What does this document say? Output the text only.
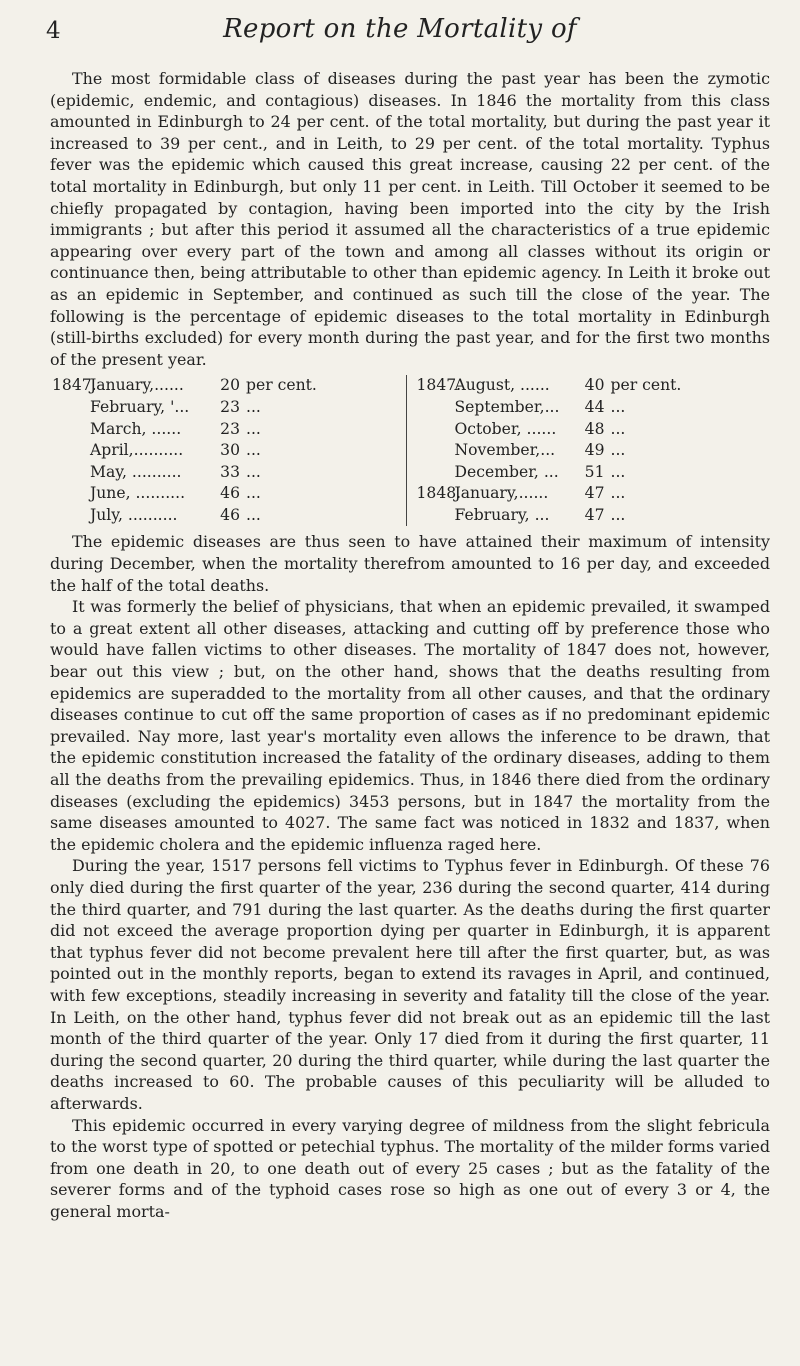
4	Report on the Mortality of

The most formidable class of diseases during the past year has been the zymotic (epidemic, endemic, and contagious) diseases. In 1846 the mortality from this class amounted in Edinburgh to 24 per cent. of the total mortality, but during the past year it increased to 39 per cent., and in Leith, to 29 per cent. of the total mortality. Typhus fever was the epidemic which caused this great increase, causing 22 per cent. of the total mortality in Edinburgh, but only 11 per cent. in Leith. Till October it seemed to be chiefly propagated by contagion, having been imported into the city by the Irish immigrants ; but after this period it assumed all the characteristics of a true epidemic appearing over every part of the town and among all classes without its origin or continuance then, being attributable to other than epidemic agency. In Leith it broke out as an epidemic in September, and continued as such till the close of the year. The following is the percentage of epidemic diseases to the total mortality in Edinburgh (still-births excluded) for every month during the past year, and for the first two months of the present year.

1847.
January,......	20 per cent.
February, '...	23 ...
March, ......	23 ...
April,..........	30 ...
May, ..........	33 ...
June, ..........	46 ...
July, ..........	46 ...
1847.
August, ......	40 per cent.
September,...	44 ...
October, ......	48 ...
November,...	49 ...
December, ...	51 ...
1848.
January,......	47 ...
February, ...	47 ...

The epidemic diseases are thus seen to have attained their maximum of intensity during December, when the mortality therefrom amounted to 16 per day, and exceeded the half of the total deaths.

It was formerly the belief of physicians, that when an epidemic prevailed, it swamped to a great extent all other diseases, attacking and cutting off by preference those who would have fallen victims to other diseases. The mortality of 1847 does not, however, bear out this view ; but, on the other hand, shows that the deaths resulting from epidemics are superadded to the mortality from all other causes, and that the ordinary diseases continue to cut off the same proportion of cases as if no predominant epidemic prevailed. Nay more, last year's mortality even allows the inference to be drawn, that the epidemic constitution increased the fatality of the ordinary diseases, adding to them all the deaths from the prevailing epidemics. Thus, in 1846 there died from the ordinary diseases (excluding the epidemics) 3453 persons, but in 1847 the mortality from the same diseases amounted to 4027. The same fact was noticed in 1832 and 1837, when the epidemic cholera and the epidemic influenza raged here.

During the year, 1517 persons fell victims to Typhus fever in Edinburgh. Of these 76 only died during the first quarter of the year, 236 during the second quarter, 414 during the third quarter, and 791 during the last quarter. As the deaths during the first quarter did not exceed the average proportion dying per quarter in Edinburgh, it is apparent that typhus fever did not become prevalent here till after the first quarter, but, as was pointed out in the monthly reports, began to extend its ravages in April, and continued, with few exceptions, steadily increasing in severity and fatality till the close of the year. In Leith, on the other hand, typhus fever did not break out as an epidemic till the last month of the third quarter of the year. Only 17 died from it during the first quarter, 11 during the second quarter, 20 during the third quarter, while during the last quarter the deaths increased to 60. The probable causes of this peculiarity will be alluded to afterwards.

This epidemic occurred in every varying degree of mildness from the slight febricula to the worst type of spotted or petechial typhus. The mortality of the milder forms varied from one death in 20, to one death out of every 25 cases ; but as the fatality of the severer forms and of the typhoid cases rose so high as one out of every 3 or 4, the general morta-
